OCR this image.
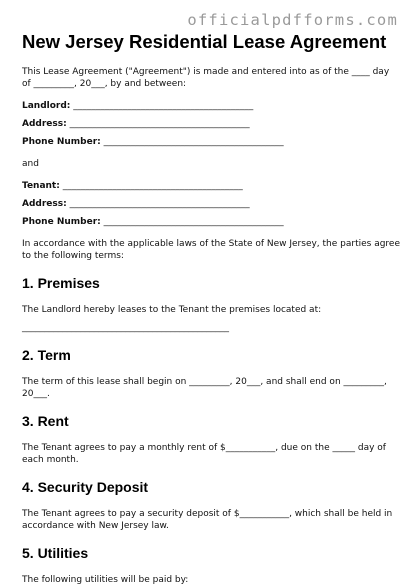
officialpdfforms.com
New Jersey Residential Lease Agreement

This Lease Agreement ("Agreement") is made and entered into as of the ____ day of _________, 20___, by and between:

Landlord: ________________________________________
Address: ________________________________________
Phone Number: ________________________________________

and

Tenant: ________________________________________
Address: ________________________________________
Phone Number: ________________________________________

In accordance with the applicable laws of the State of New Jersey, the parties agree to the following terms:

1. Premises

The Landlord hereby leases to the Tenant the premises located at:

______________________________________________
2. Term

The term of this lease shall begin on _________, 20___, and shall end on _________, 20___.

3. Rent

The Tenant agrees to pay a monthly rent of $___________, due on the _____ day of each month.

4. Security Deposit

The Tenant agrees to pay a security deposit of $___________, which shall be held in accordance with New Jersey law.

5. Utilities

The following utilities will be paid by:
